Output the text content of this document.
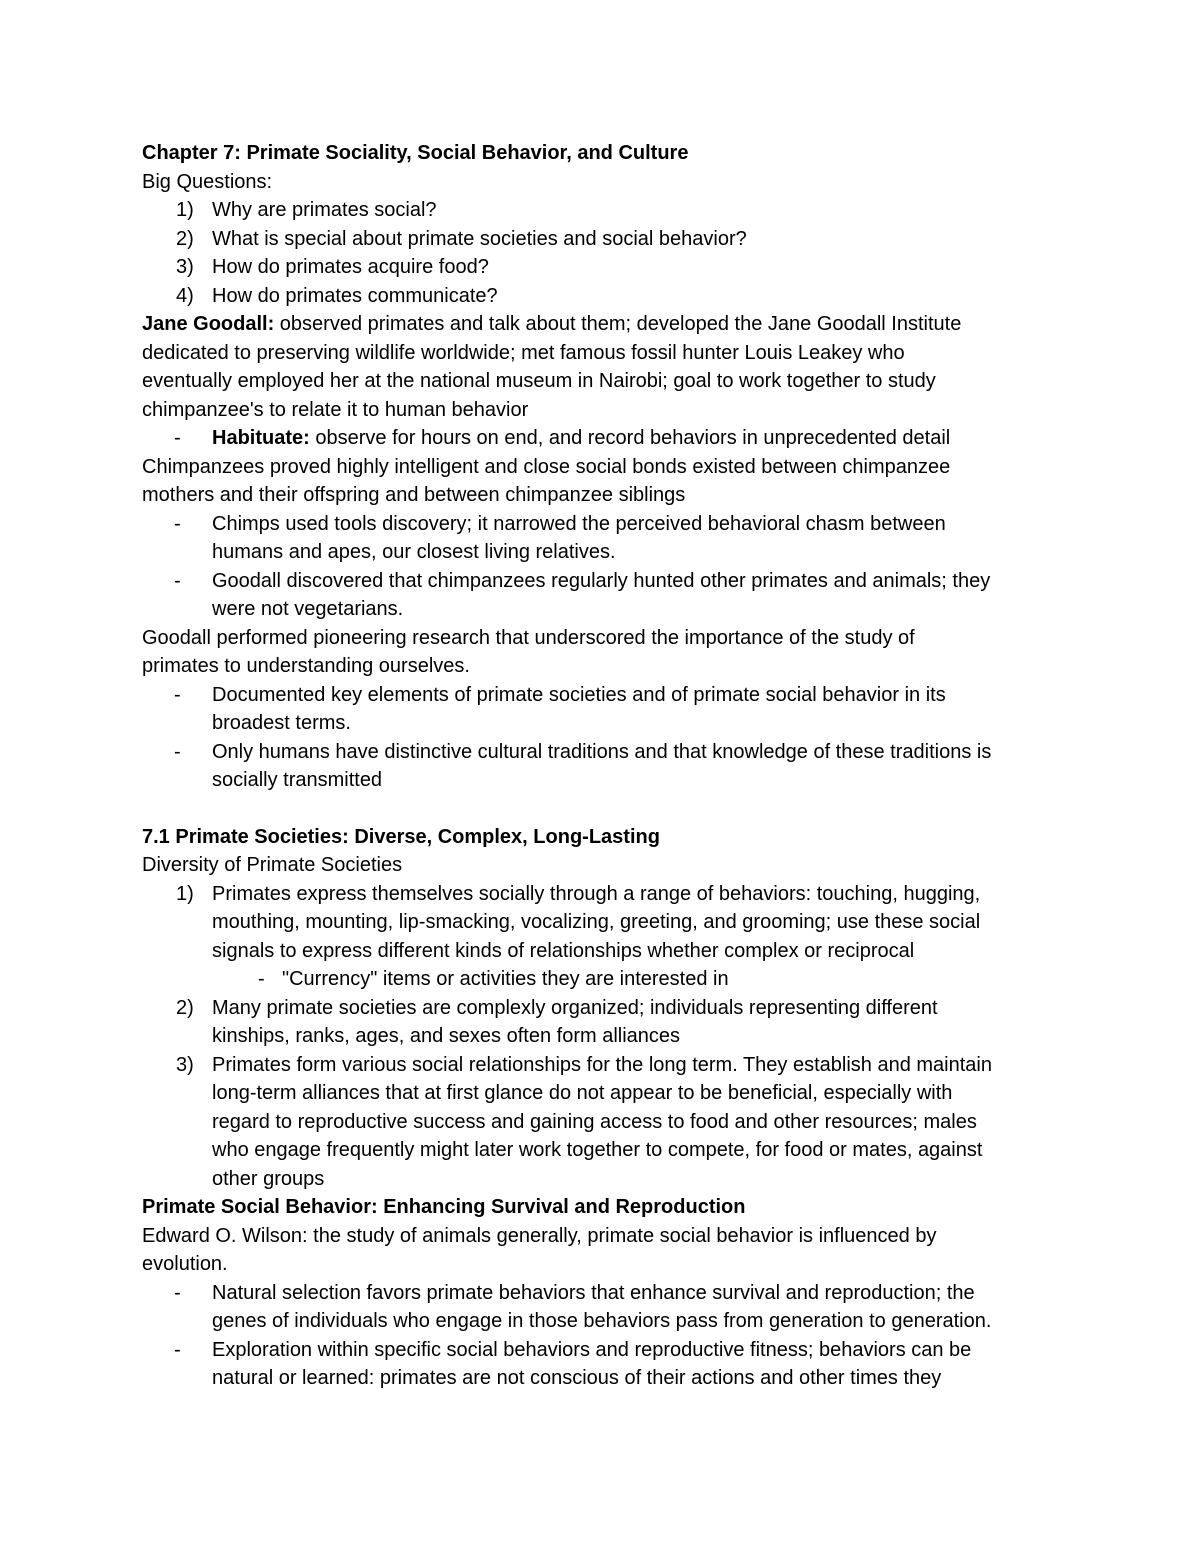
Chapter 7: Primate Sociality, Social Behavior, and Culture
Big Questions:
1) Why are primates social?
2) What is special about primate societies and social behavior?
3) How do primates acquire food?
4) How do primates communicate?
Jane Goodall: observed primates and talk about them; developed the Jane Goodall Institute
dedicated to preserving wildlife worldwide; met famous fossil hunter Louis Leakey who
eventually employed her at the national museum in Nairobi; goal to work together to study
chimpanzee's to relate it to human behavior
- Habituate: observe for hours on end, and record behaviors in unprecedented detail
Chimpanzees proved highly intelligent and close social bonds existed between chimpanzee
mothers and their offspring and between chimpanzee siblings
- Chimps used tools discovery; it narrowed the perceived behavioral chasm between
humans and apes, our closest living relatives.
- Goodall discovered that chimpanzees regularly hunted other primates and animals; they
were not vegetarians.
Goodall performed pioneering research that underscored the importance of the study of
primates to understanding ourselves.
- Documented key elements of primate societies and of primate social behavior in its
broadest terms.
- Only humans have distinctive cultural traditions and that knowledge of these traditions is
socially transmitted
7.1 Primate Societies: Diverse, Complex, Long-Lasting
Diversity of Primate Societies
1) Primates express themselves socially through a range of behaviors: touching, hugging,
mouthing, mounting, lip-smacking, vocalizing, greeting, and grooming; use these social
signals to express different kinds of relationships whether complex or reciprocal
- "Currency" items or activities they are interested in
2) Many primate societies are complexly organized; individuals representing different
kinships, ranks, ages, and sexes often form alliances
3) Primates form various social relationships for the long term. They establish and maintain
long-term alliances that at first glance do not appear to be beneficial, especially with
regard to reproductive success and gaining access to food and other resources; males
who engage frequently might later work together to compete, for food or mates, against
other groups
Primate Social Behavior: Enhancing Survival and Reproduction
Edward O. Wilson: the study of animals generally, primate social behavior is influenced by
evolution.
- Natural selection favors primate behaviors that enhance survival and reproduction; the
genes of individuals who engage in those behaviors pass from generation to generation.
- Exploration within specific social behaviors and reproductive fitness; behaviors can be
natural or learned: primates are not conscious of their actions and other times they
